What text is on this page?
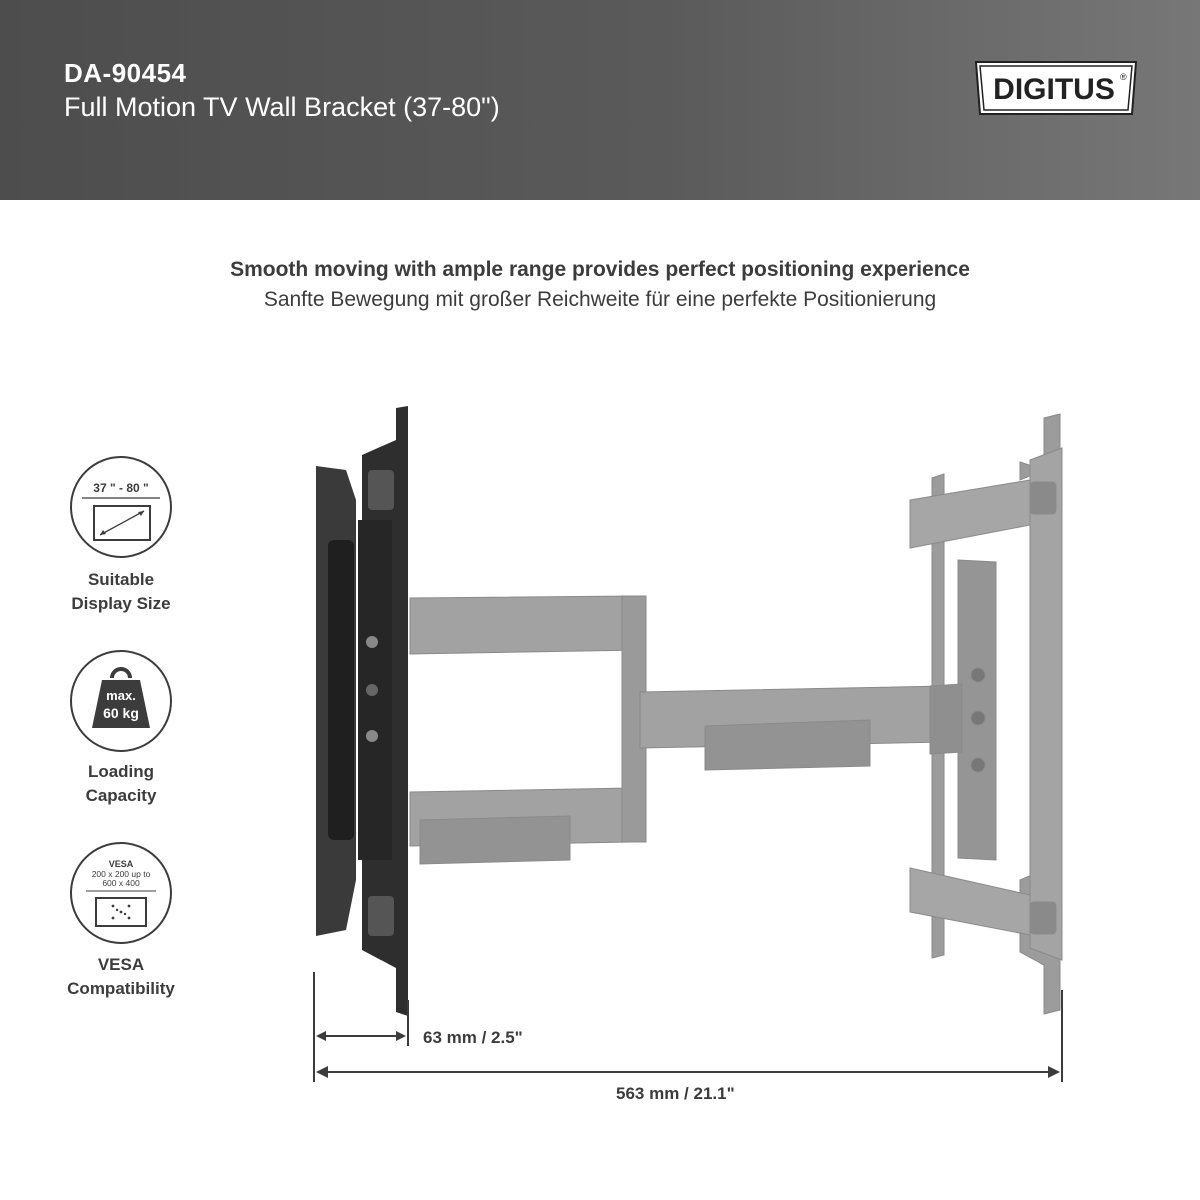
DA-90454
Full Motion TV Wall Bracket (37-80")
DIGITUS ®
Smooth moving with ample range provides perfect positioning experience
Sanfte Bewegung mit großer Reichweite für eine perfekte Positionierung
37 " - 80 "
Suitable
Display Size
max.
60 kg
Loading
Capacity
VESA
200 x 200 up to
600 x 400
VESA
Compatibility
63 mm / 2.5"
563 mm / 21.1"
